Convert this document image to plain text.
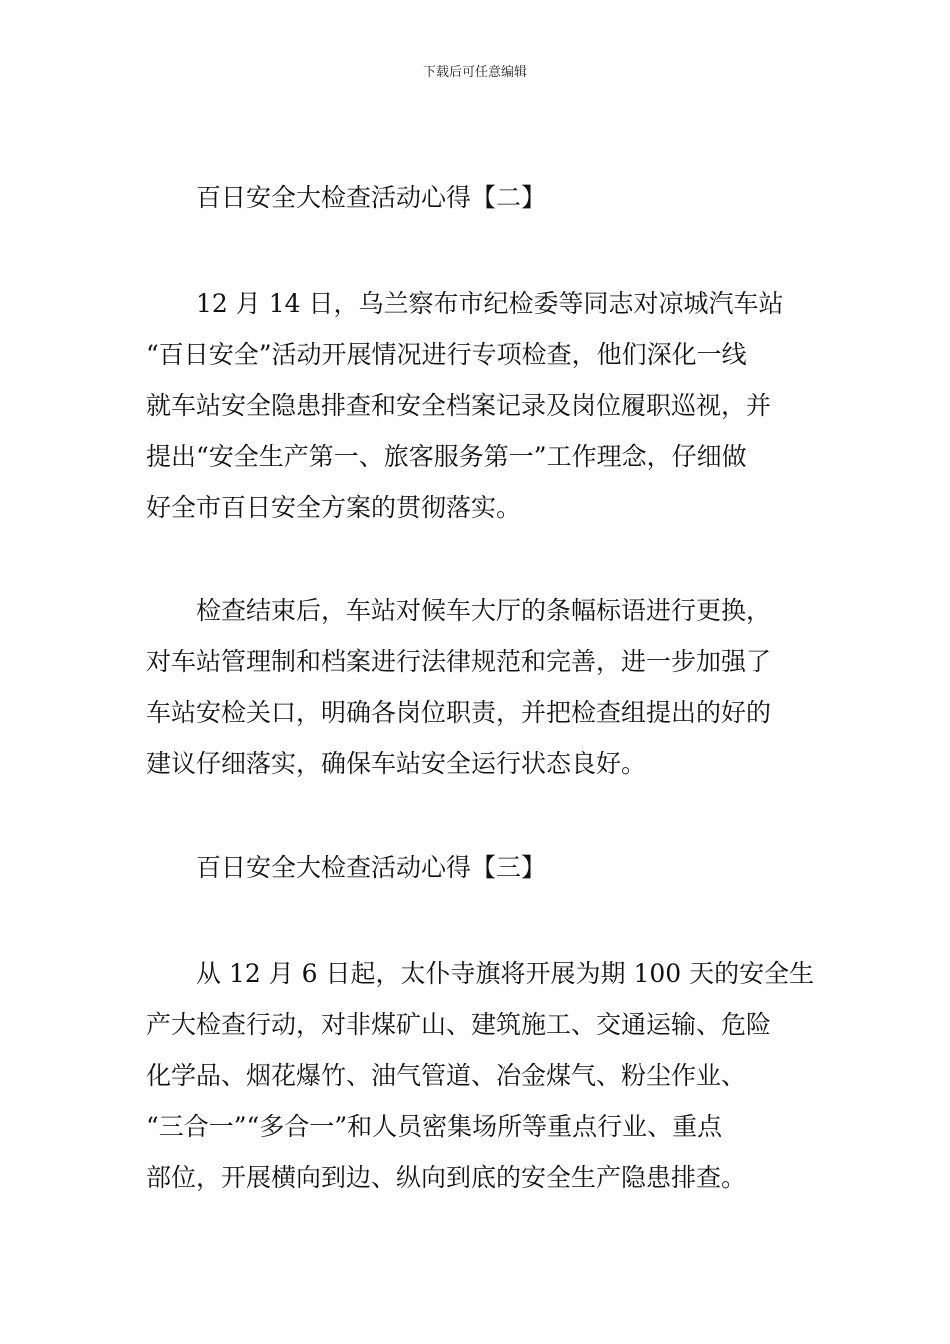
下载后可任意编辑
百日安全大检查活动心得【二】

12 月 14 日，乌兰察布市纪检委等同志对凉城汽车站
“百日安全”活动开展情况进行专项检查，他们深化一线
就车站安全隐患排查和安全档案记录及岗位履职巡视，并
提出“安全生产第一、旅客服务第一”工作理念，仔细做
好全市百日安全方案的贯彻落实。

检查结束后，车站对候车大厅的条幅标语进行更换，
对车站管理制和档案进行法律规范和完善，进一步加强了
车站安检关口，明确各岗位职责，并把检查组提出的好的
建议仔细落实，确保车站安全运行状态良好。

百日安全大检查活动心得【三】

从 12 月 6 日起，太仆寺旗将开展为期 100 天的安全生
产大检查行动，对非煤矿山、建筑施工、交通运输、危险
化学品、烟花爆竹、油气管道、冶金煤气、粉尘作业、
“三合一”“多合一”和人员密集场所等重点行业、重点
部位，开展横向到边、纵向到底的安全生产隐患排查。
